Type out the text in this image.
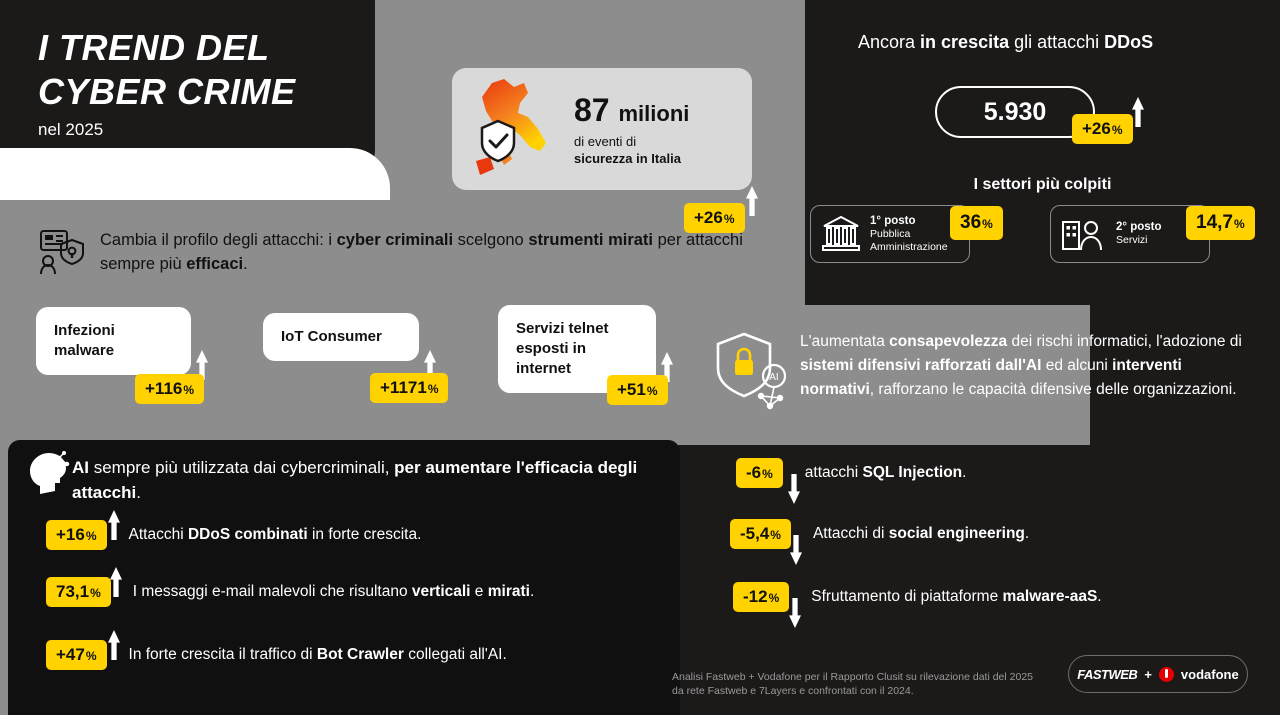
I TREND DEL
CYBER CRIME
nel 2025
87 milioni
di eventi di
sicurezza in Italia
+26 %
Cambia il profilo degli attacchi: i cyber criminali scelgono strumenti mirati per attacchi sempre più efficaci.
Infezioni
malware
+116 %
IoT Consumer
+1171 %
Servizi telnet
esposti in
internet
+51 %
Ancora in crescita gli attacchi DDoS
5.930
+26 %
I settori più colpiti
1° posto
Pubblica
Amministrazione
36 %	2° posto
Servizi
14,7 %
AI
L'aumentata consapevolezza dei rischi informatici, l'adozione di sistemi difensivi rafforzati dall'AI ed alcuni interventi normativi, rafforzano le capacità difensive delle organizzazioni.
AI sempre più utilizzata dai cybercriminali, per aumentare l'efficacia degli attacchi.
+16 % Attacchi DDoS combinati in forte crescita.
73,1 % I messaggi e-mail malevoli che risultano verticali e mirati.
+47 % In forte crescita il traffico di Bot Crawler collegati all'AI.
-6 % attacchi SQL Injection.
-5,4 % Attacchi di social engineering.
-12 % Sfruttamento di piattaforme malware-aaS.
Analisi Fastweb + Vodafone per il Rapporto Clusit su rilevazione dati del 2025
da rete Fastweb e 7Layers e confrontati con il 2024.
FASTWEB + vodafone
